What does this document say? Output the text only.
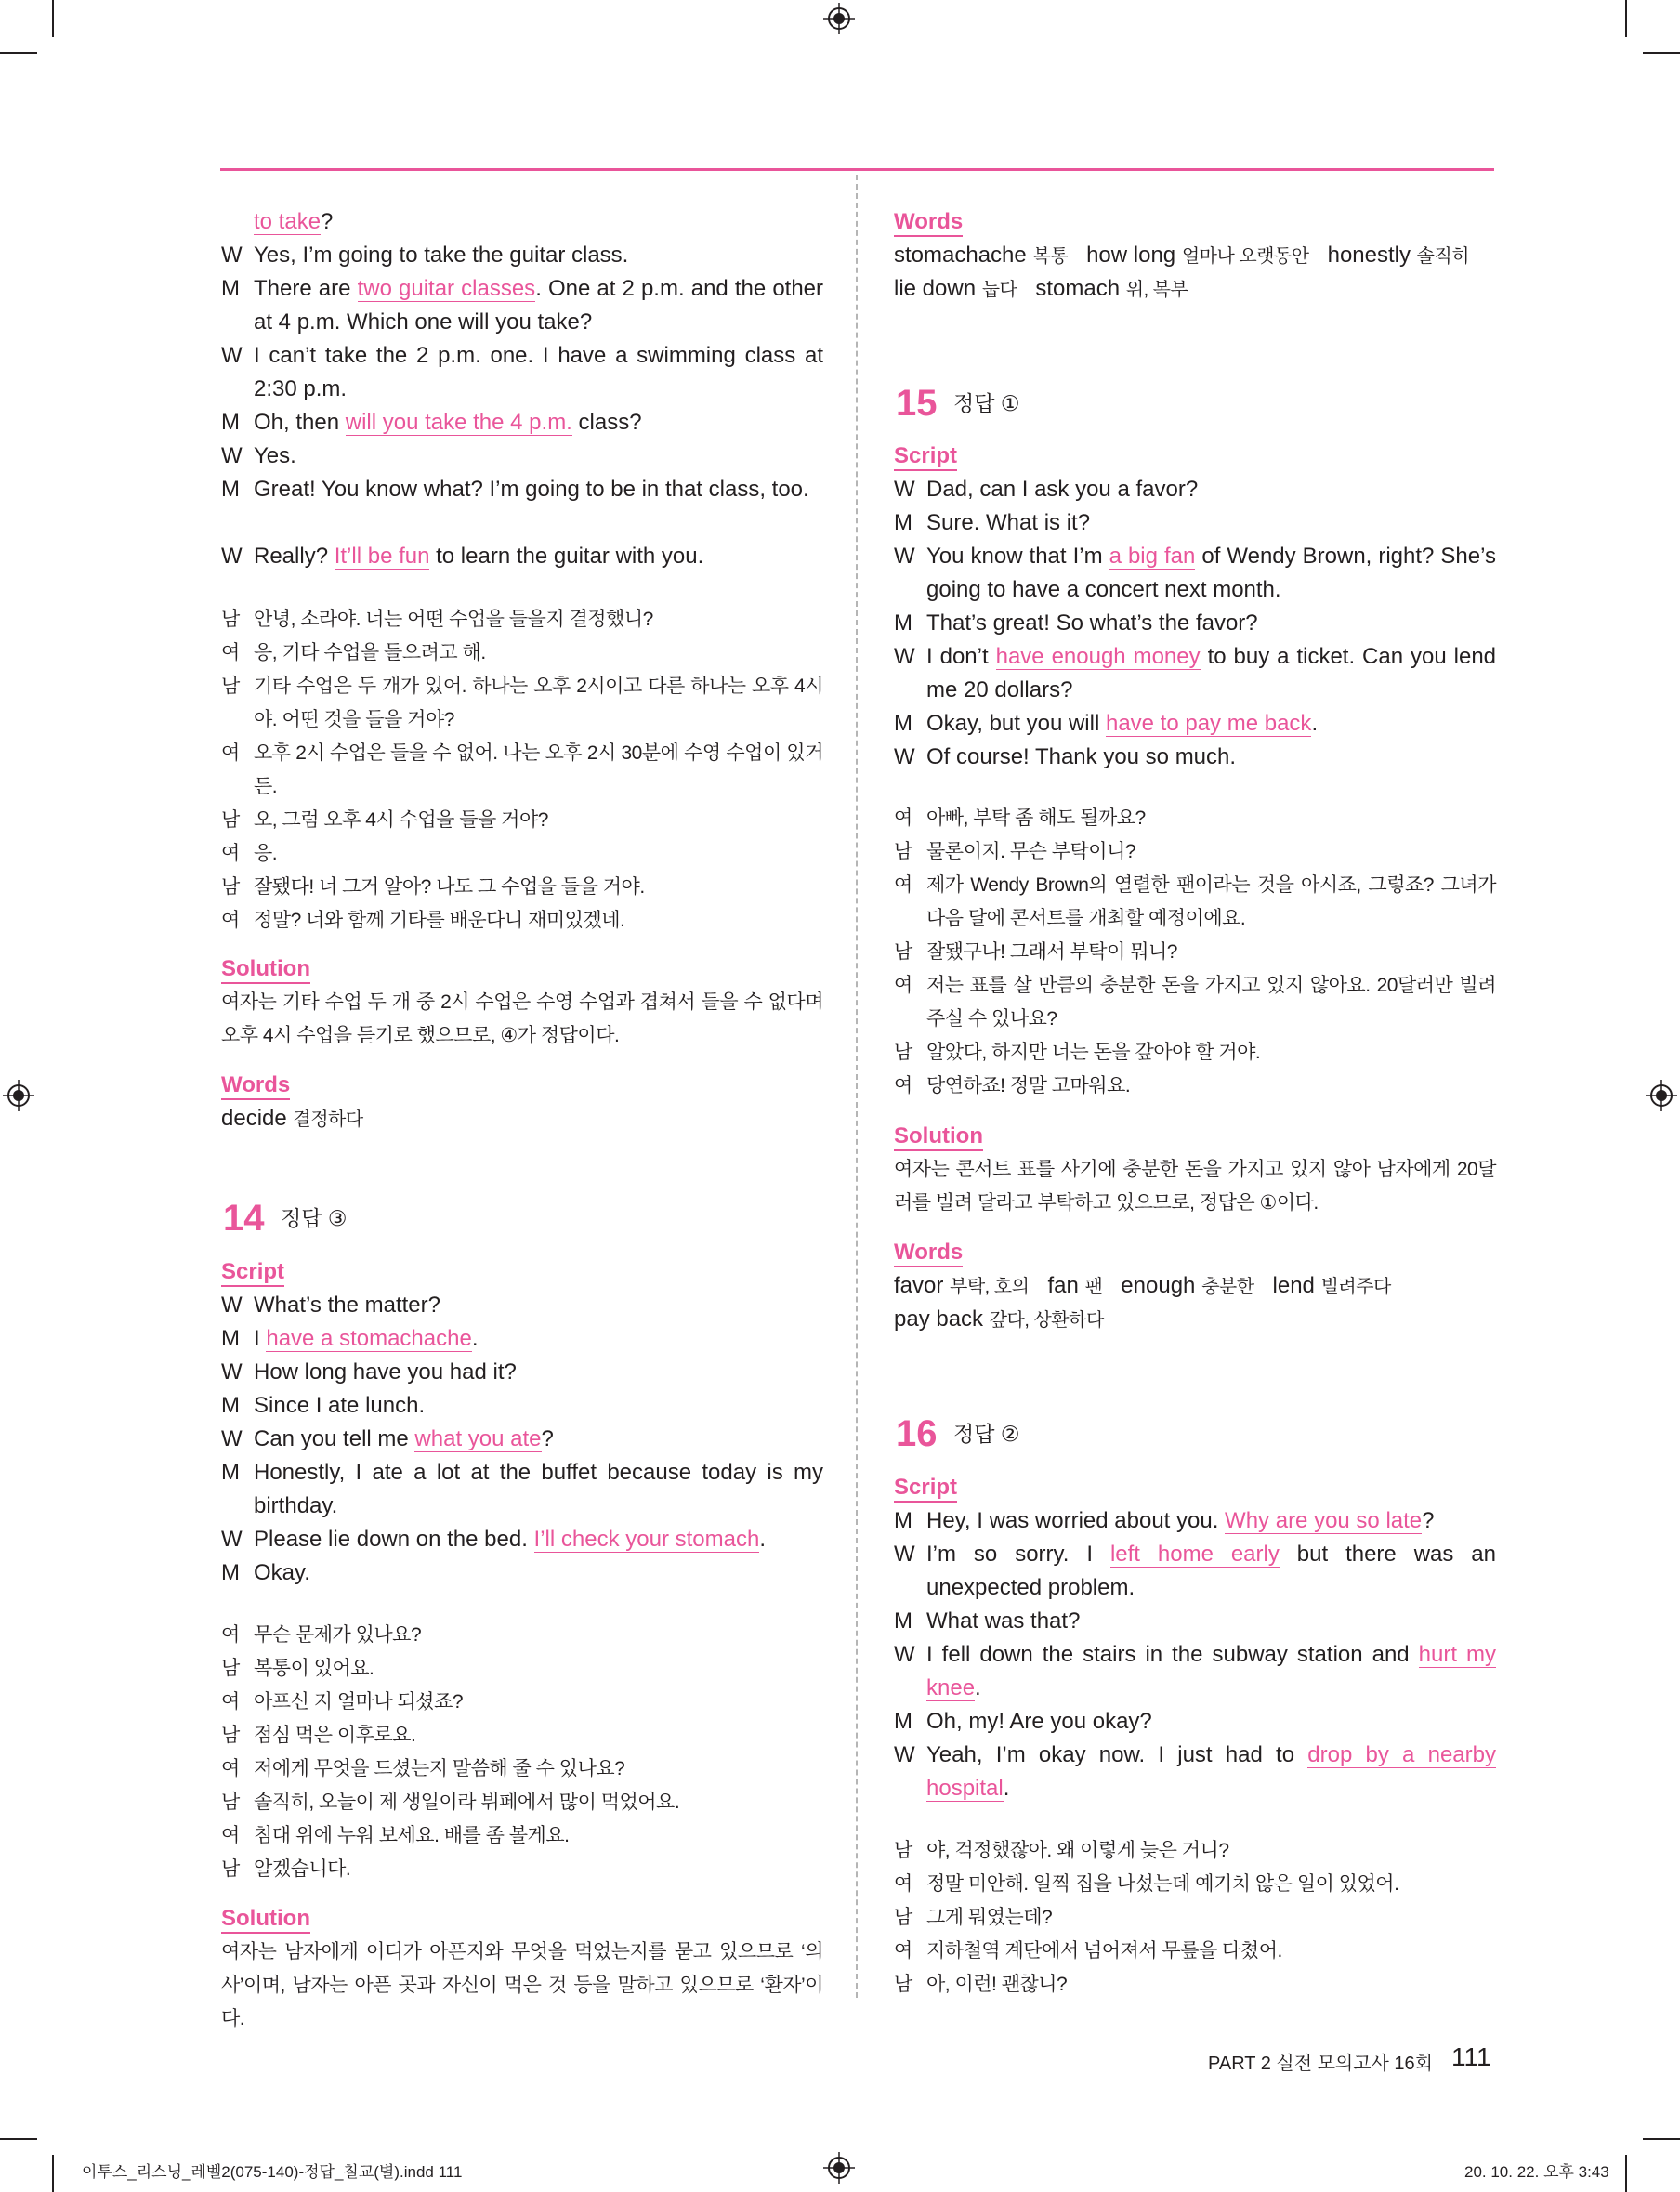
to take?
W Yes, I’m going to take the guitar class.
M There are two guitar classes. One at 2 p.m. and the other at 4 p.m. Which one will you take?
W I can’t take the 2 p.m. one. I have a swimming class at 2:30 p.m.
M Oh, then will you take the 4 p.m. class?
W Yes.
M Great! You know what? I’m going to be in that class, too.
W Really? It’ll be fun to learn the guitar with you.
남 안녕, 소라야. 너는 어떤 수업을 들을지 결정했니?
여 응, 기타 수업을 들으려고 해.
남 기타 수업은 두 개가 있어. 하나는 오후 2시이고 다른 하나는 오후 4시야. 어떤 것을 들을 거야?
여 오후 2시 수업은 들을 수 없어. 나는 오후 2시 30분에 수영 수업이 있거든.
남 오, 그럼 오후 4시 수업을 들을 거야?
여 응.
남 잘됐다! 너 그거 알아? 나도 그 수업을 들을 거야.
여 정말? 너와 함께 기타를 배운다니 재미있겠네.
Solution
여자는 기타 수업 두 개 중 2시 수업은 수영 수업과 겹쳐서 들을 수 없다며 오후 4시 수업을 듣기로 했으므로, ④가 정답이다.
Words
decide 결정하다
14 정답 ③
Script
W What’s the matter?
M I have a stomachache.
W How long have you had it?
M Since I ate lunch.
W Can you tell me what you ate?
M Honestly, I ate a lot at the buffet because today is my birthday.
W Please lie down on the bed. I’ll check your stomach.
M Okay.
여 무슨 문제가 있나요?
남 복통이 있어요.
여 아프신 지 얼마나 되셨죠?
남 점심 먹은 이후로요.
여 저에게 무엇을 드셨는지 말씀해 줄 수 있나요?
남 솔직히, 오늘이 제 생일이라 뷔페에서 많이 먹었어요.
여 침대 위에 누워 보세요. 배를 좀 볼게요.
남 알겠습니다.
Solution
여자는 남자에게 어디가 아픈지와 무엇을 먹었는지를 묻고 있으므로 ‘의사’이며, 남자는 아픈 곳과 자신이 먹은 것 등을 말하고 있으므로 ‘환자’이다.
Words
stomachache 복통 how long 얼마나 오랫동안 honestly 솔직히
lie down 눕다 stomach 위, 복부
15 정답 ①
Script
W Dad, can I ask you a favor?
M Sure. What is it?
W You know that I’m a big fan of Wendy Brown, right? She’s going to have a concert next month.
M That’s great! So what’s the favor?
W I don’t have enough money to buy a ticket. Can you lend me 20 dollars?
M Okay, but you will have to pay me back.
W Of course! Thank you so much.
여 아빠, 부탁 좀 해도 될까요?
남 물론이지. 무슨 부탁이니?
여 제가 Wendy Brown의 열렬한 팬이라는 것을 아시죠, 그렇죠? 그녀가 다음 달에 콘서트를 개최할 예정이에요.
남 잘됐구나! 그래서 부탁이 뭐니?
여 저는 표를 살 만큼의 충분한 돈을 가지고 있지 않아요. 20달러만 빌려 주실 수 있나요?
남 알았다, 하지만 너는 돈을 갚아야 할 거야.
여 당연하죠! 정말 고마워요.
Solution
여자는 콘서트 표를 사기에 충분한 돈을 가지고 있지 않아 남자에게 20달러를 빌려 달라고 부탁하고 있으므로, 정답은 ①이다.
Words
favor 부탁, 호의 fan 팬 enough 충분한 lend 빌려주다
pay back 갚다, 상환하다
16 정답 ②
Script
M Hey, I was worried about you. Why are you so late?
W I’m so sorry. I left home early but there was an unexpected problem.
M What was that?
W I fell down the stairs in the subway station and hurt my knee.
M Oh, my! Are you okay?
W Yeah, I’m okay now. I just had to drop by a nearby hospital.
남 야, 걱정했잖아. 왜 이렇게 늦은 거니?
여 정말 미안해. 일찍 집을 나섰는데 예기치 않은 일이 있었어.
남 그게 뭐였는데?
여 지하철역 계단에서 넘어져서 무릎을 다쳤어.
남 아, 이런! 괜찮니?
PART 2 실전 모의고사 16회 111
이투스_리스닝_레벨2(075-140)-정답_칠교(별).indd 111	20. 10. 22. 오후 3:43
